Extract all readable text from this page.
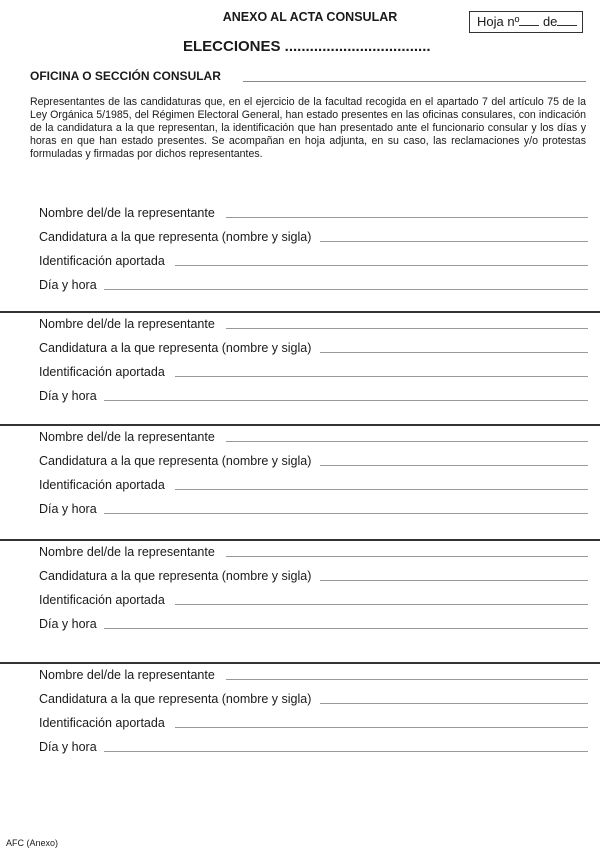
ANEXO AL ACTA CONSULAR	Hoja nº de
ELECCIONES ...................................
OFICINA O SECCIÓN CONSULAR

Representantes de las candidaturas que, en el ejercicio de la facultad recogida en el apartado 7 del artículo 75 de la Ley Orgánica 5/1985, del Régimen Electoral General, han estado presentes en las oficinas consulares, con indicación de la candidatura a la que representan, la identificación que han presentado ante el funcionario consular y los días y horas en que han estado presentes. Se acompañan en hoja adjunta, en su caso, las reclamaciones y/o protestas formuladas y firmadas por dichos representantes.

Nombre del/de la representante
Candidatura a la que representa (nombre y sigla)
Identificación aportada
Día y hora
Nombre del/de la representante
Candidatura a la que representa (nombre y sigla)
Identificación aportada
Día y hora
Nombre del/de la representante
Candidatura a la que representa (nombre y sigla)
Identificación aportada
Día y hora
Nombre del/de la representante
Candidatura a la que representa (nombre y sigla)
Identificación aportada
Día y hora
Nombre del/de la representante
Candidatura a la que representa (nombre y sigla)
Identificación aportada
Día y hora
AFC (Anexo)
